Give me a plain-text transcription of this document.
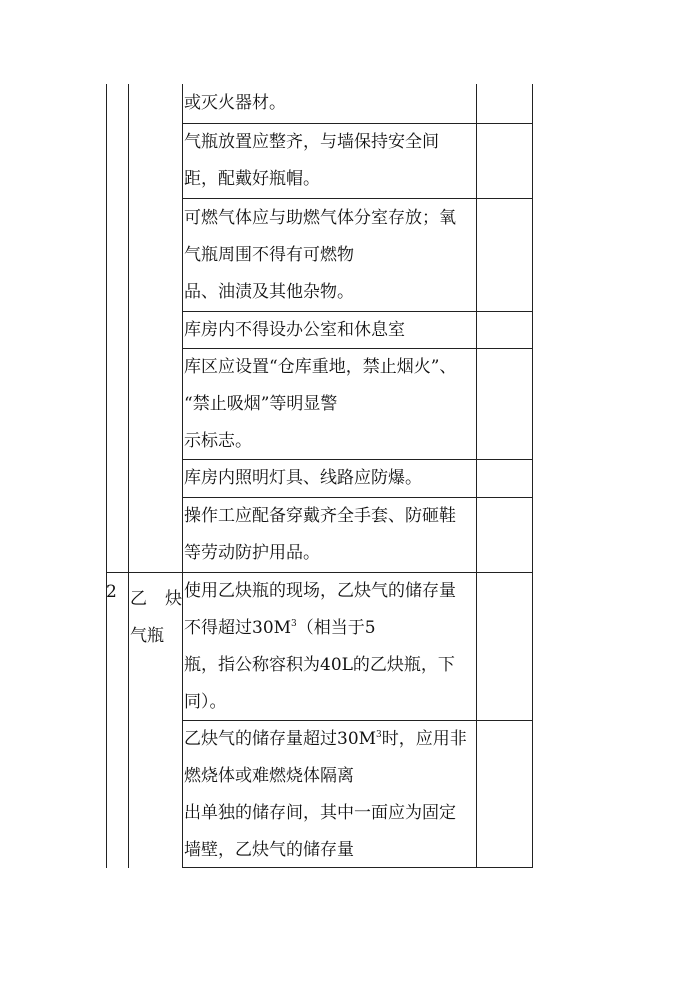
或灭火器材。
气瓶放置应整齐，与墙保持安全间
距，配戴好瓶帽。
可燃气体应与助燃气体分室存放；氧
气瓶周围不得有可燃物
品、油渍及其他杂物。
库房内不得设办公室和休息室
库区应设置“仓库重地，禁止烟火”、
“禁止吸烟”等明显警
示标志。
库房内照明灯具、线路应防爆。
操作工应配备穿戴齐全手套、防砸鞋
等劳动防护用品。
2 乙 炔
气瓶
使用乙炔瓶的现场，乙炔气的储存量
不得超过$30M^3$（相当于5
瓶，指公称容积为40L的乙炔瓶，下
同）。
乙炔气的储存量超过$30M^3$时，应用非
燃烧体或难燃烧体隔离
出单独的储存间，其中一面应为固定
墙壁，乙炔气的储存量
